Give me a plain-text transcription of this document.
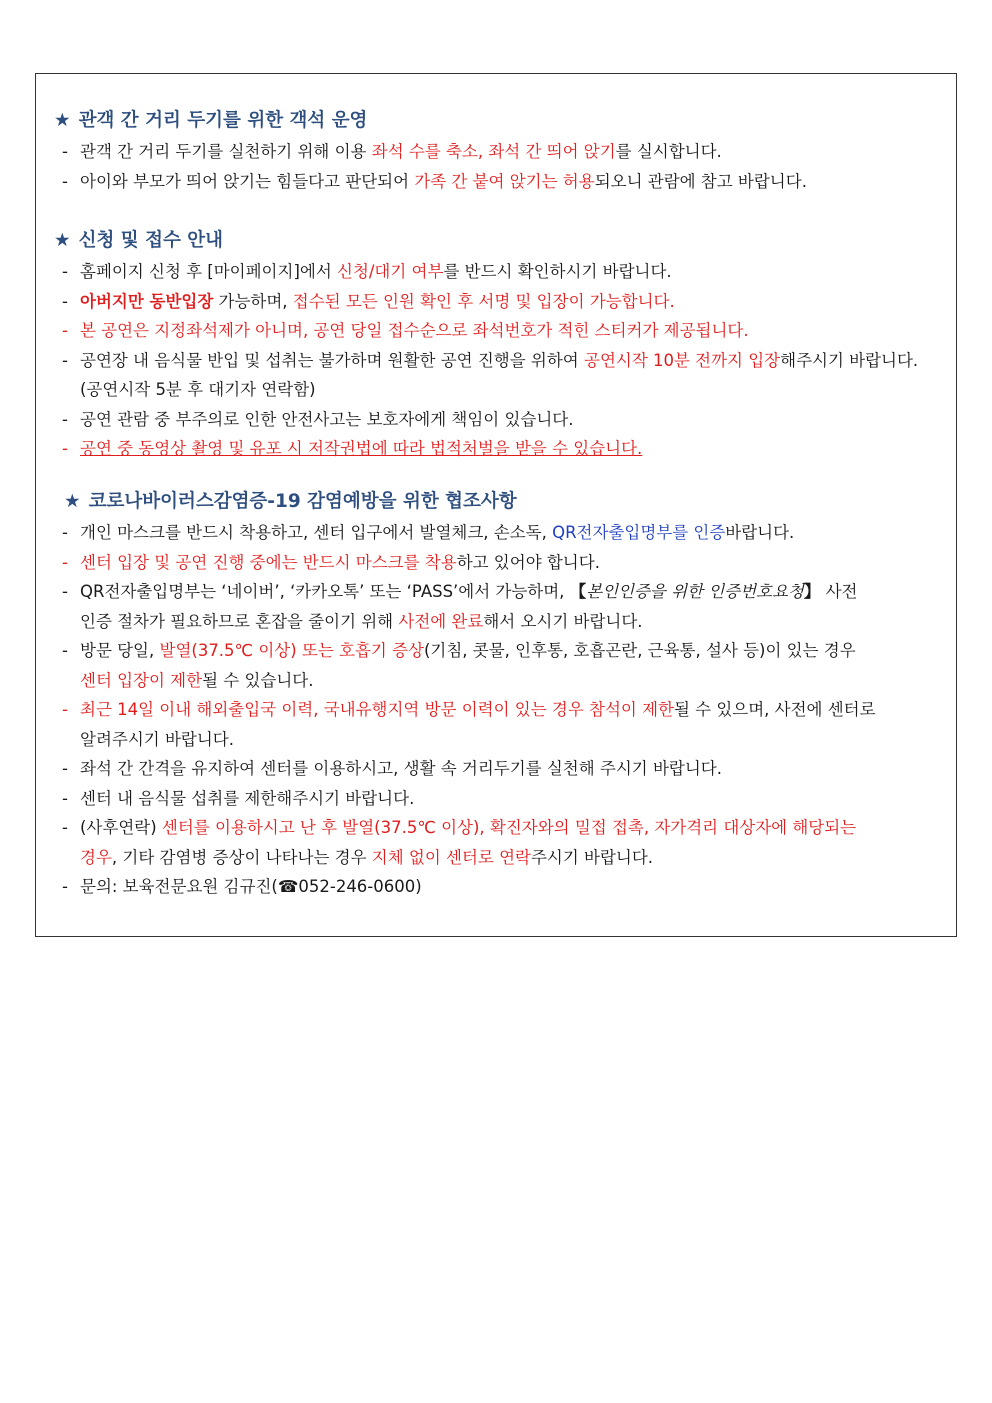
★ 관객 간 거리 두기를 위한 객석 운영
- 관객 간 거리 두기를 실천하기 위해 이용 좌석 수를 축소, 좌석 간 띄어 앉기를 실시합니다.
- 아이와 부모가 띄어 앉기는 힘들다고 판단되어 가족 간 붙여 앉기는 허용되오니 관람에 참고 바랍니다.
★ 신청 및 접수 안내
- 홈페이지 신청 후 [마이페이지]에서 신청/대기 여부를 반드시 확인하시기 바랍니다.
- 아버지만 동반입장 가능하며, 접수된 모든 인원 확인 후 서명 및 입장이 가능합니다.
- 본 공연은 지정좌석제가 아니며, 공연 당일 접수순으로 좌석번호가 적힌 스티커가 제공됩니다.
- 공연장 내 음식물 반입 및 섭취는 불가하며 원활한 공연 진행을 위하여 공연시작 10분 전까지 입장해주시기 바랍니다.
(공연시작 5분 후 대기자 연락함)
- 공연 관람 중 부주의로 인한 안전사고는 보호자에게 책임이 있습니다.
- 공연 중 동영상 촬영 및 유포 시 저작권법에 따라 법적처벌을 받을 수 있습니다.
★ 코로나바이러스감염증-19 감염예방을 위한 협조사항
- 개인 마스크를 반드시 착용하고, 센터 입구에서 발열체크, 손소독, QR전자출입명부를 인증바랍니다.
- 센터 입장 및 공연 진행 중에는 반드시 마스크를 착용하고 있어야 합니다.
- QR전자출입명부는 ‘네이버’, ‘카카오톡’ 또는 ‘PASS’에서 가능하며, 【본인인증을 위한 인증번호요청】 사전
인증 절차가 필요하므로 혼잡을 줄이기 위해 사전에 완료해서 오시기 바랍니다.
- 방문 당일, 발열(37.5℃ 이상) 또는 호흡기 증상(기침, 콧물, 인후통, 호흡곤란, 근육통, 설사 등)이 있는 경우
센터 입장이 제한될 수 있습니다.
- 최근 14일 이내 해외출입국 이력, 국내유행지역 방문 이력이 있는 경우 참석이 제한될 수 있으며, 사전에 센터로
알려주시기 바랍니다.
- 좌석 간 간격을 유지하여 센터를 이용하시고, 생활 속 거리두기를 실천해 주시기 바랍니다.
- 센터 내 음식물 섭취를 제한해주시기 바랍니다.
- (사후연락) 센터를 이용하시고 난 후 발열(37.5℃ 이상), 확진자와의 밀접 접촉, 자가격리 대상자에 해당되는
경우, 기타 감염병 증상이 나타나는 경우 지체 없이 센터로 연락주시기 바랍니다.
- 문의: 보육전문요원 김규진(☎052-246-0600)
